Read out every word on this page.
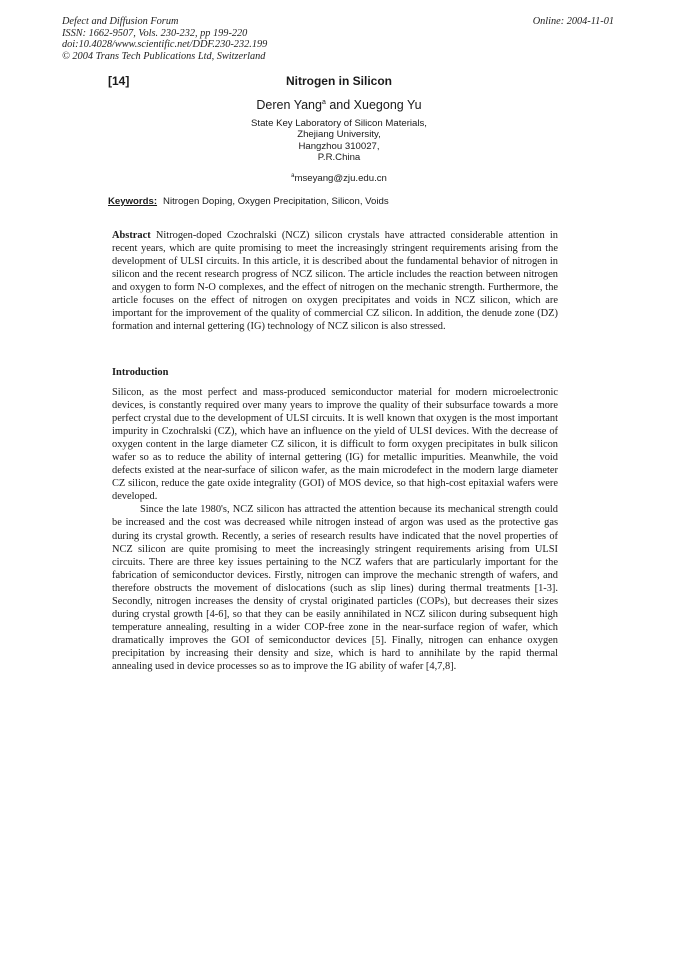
Defect and Diffusion Forum
ISSN: 1662-9507, Vols. 230-232, pp 199-220
doi:10.4028/www.scientific.net/DDF.230-232.199
© 2004 Trans Tech Publications Ltd, Switzerland
Online: 2004-11-01
[14]	Nitrogen in Silicon
Deren Yang$^a$ and Xuegong Yu
State Key Laboratory of Silicon Materials,
Zhejiang University,
Hangzhou 310027,
P.R.China
$^a$mseyang@zju.edu.cn
Keywords: Nitrogen Doping, Oxygen Precipitation, Silicon, Voids

Abstract Nitrogen-doped Czochralski (NCZ) silicon crystals have attracted considerable attention in recent years, which are quite promising to meet the increasingly stringent requirements arising from the development of ULSI circuits. In this article, it is described about the fundamental behavior of nitrogen in silicon and the recent research progress of NCZ silicon. The article includes the reaction between nitrogen and oxygen to form N-O complexes, and the effect of nitrogen on the mechanic strength. Furthermore, the article focuses on the effect of nitrogen on oxygen precipitates and voids in NCZ silicon, which are important for the improvement of the quality of commercial CZ silicon. In addition, the denude zone (DZ) formation and internal gettering (IG) technology of NCZ silicon is also stressed.

Introduction

Silicon, as the most perfect and mass-produced semiconductor material for modern microelectronic devices, is constantly required over many years to improve the quality of their subsurface towards a more perfect crystal due to the development of ULSI circuits. It is well known that oxygen is the most important impurity in Czochralski (CZ), which have an influence on the yield of ULSI devices. With the decrease of oxygen content in the large diameter CZ silicon, it is difficult to form oxygen precipitates in bulk silicon wafer so as to reduce the ability of internal gettering (IG) for metallic impurities. Meanwhile, the void defects existed at the near-surface of silicon wafer, as the main microdefect in the modern large diameter CZ silicon, reduce the gate oxide integrality (GOI) of MOS device, so that high-cost epitaxial wafers were developed.

Since the late 1980's, NCZ silicon has attracted the attention because its mechanical strength could be increased and the cost was decreased while nitrogen instead of argon was used as the protective gas during its crystal growth. Recently, a series of research results have indicated that the novel properties of NCZ silicon are quite promising to meet the increasingly stringent requirements arising from ULSI circuits. There are three key issues pertaining to the NCZ wafers that are particularly important for the fabrication of semiconductor devices. Firstly, nitrogen can improve the mechanic strength of wafers, and therefore obstructs the movement of dislocations (such as slip lines) during thermal treatments [1-3]. Secondly, nitrogen increases the density of crystal originated particles (COPs), but decreases their sizes during crystal growth [4-6], so that they can be easily annihilated in NCZ silicon during subsequent high temperature annealing, resulting in a wider COP-free zone in the near-surface region of wafer, which dramatically improves the GOI of semiconductor devices [5]. Finally, nitrogen can enhance oxygen precipitation by increasing their density and size, which is hard to annihilate by the rapid thermal annealing used in device processes so as to improve the IG ability of wafer [4,7,8].
